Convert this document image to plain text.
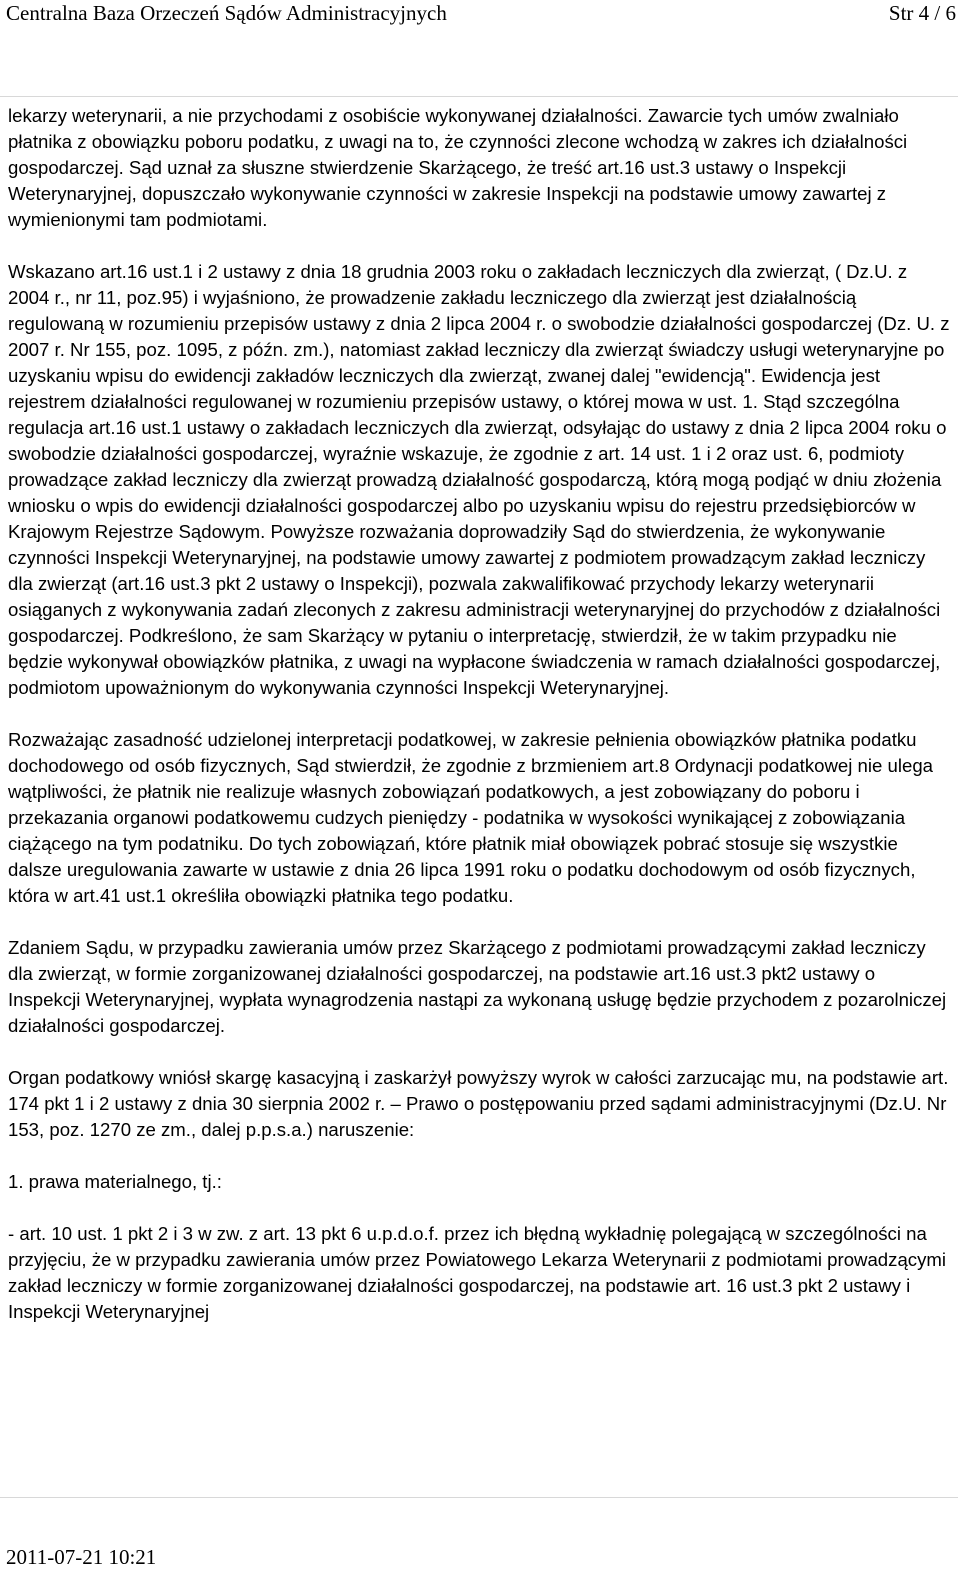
Centralna Baza Orzeczeń Sądów Administracyjnych	Str 4 / 6

lekarzy weterynarii, a nie przychodami z osobiście wykonywanej działalności. Zawarcie tych umów zwalniało płatnika z obowiązku poboru podatku, z uwagi na to, że czynności zlecone wchodzą w zakres ich działalności gospodarczej. Sąd uznał za słuszne stwierdzenie Skarżącego, że treść art.16 ust.3 ustawy o Inspekcji Weterynaryjnej, dopuszczało wykonywanie czynności w zakresie Inspekcji na podstawie umowy zawartej z wymienionymi tam podmiotami.

Wskazano art.16 ust.1 i 2 ustawy z dnia 18 grudnia 2003 roku o zakładach leczniczych dla zwierząt, ( Dz.U. z 2004 r., nr 11, poz.95) i wyjaśniono, że prowadzenie zakładu leczniczego dla zwierząt jest działalnością regulowaną w rozumieniu przepisów ustawy z dnia 2 lipca 2004 r. o swobodzie działalności gospodarczej (Dz. U. z 2007 r. Nr 155, poz. 1095, z późn. zm.), natomiast zakład leczniczy dla zwierząt świadczy usługi weterynaryjne po uzyskaniu wpisu do ewidencji zakładów leczniczych dla zwierząt, zwanej dalej "ewidencją". Ewidencja jest rejestrem działalności regulowanej w rozumieniu przepisów ustawy, o której mowa w ust. 1. Stąd szczególna regulacja art.16 ust.1 ustawy o zakładach leczniczych dla zwierząt, odsyłając do ustawy z dnia 2 lipca 2004 roku o swobodzie działalności gospodarczej, wyraźnie wskazuje, że zgodnie z art. 14 ust. 1 i 2 oraz ust. 6, podmioty prowadzące zakład leczniczy dla zwierząt prowadzą działalność gospodarczą, którą mogą podjąć w dniu złożenia wniosku o wpis do ewidencji działalności gospodarczej albo po uzyskaniu wpisu do rejestru przedsiębiorców w Krajowym Rejestrze Sądowym. Powyższe rozważania doprowadziły Sąd do stwierdzenia, że wykonywanie czynności Inspekcji Weterynaryjnej, na podstawie umowy zawartej z podmiotem prowadzącym zakład leczniczy dla zwierząt (art.16 ust.3 pkt 2 ustawy o Inspekcji), pozwala zakwalifikować przychody lekarzy weterynarii osiąganych z wykonywania zadań zleconych z zakresu administracji weterynaryjnej do przychodów z działalności gospodarczej. Podkreślono, że sam Skarżący w pytaniu o interpretację, stwierdził, że w takim przypadku nie będzie wykonywał obowiązków płatnika, z uwagi na wypłacone świadczenia w ramach działalności gospodarczej, podmiotom upoważnionym do wykonywania czynności Inspekcji Weterynaryjnej.

Rozważając zasadność udzielonej interpretacji podatkowej, w zakresie pełnienia obowiązków płatnika podatku dochodowego od osób fizycznych, Sąd stwierdził, że zgodnie z brzmieniem art.8 Ordynacji podatkowej nie ulega wątpliwości, że płatnik nie realizuje własnych zobowiązań podatkowych, a jest zobowiązany do poboru i przekazania organowi podatkowemu cudzych pieniędzy - podatnika w wysokości wynikającej z zobowiązania ciążącego na tym podatniku. Do tych zobowiązań, które płatnik miał obowiązek pobrać stosuje się wszystkie dalsze uregulowania zawarte w ustawie z dnia 26 lipca 1991 roku o podatku dochodowym od osób fizycznych, która w art.41 ust.1 określiła obowiązki płatnika tego podatku.

Zdaniem Sądu, w przypadku zawierania umów przez Skarżącego z podmiotami prowadzącymi zakład leczniczy dla zwierząt, w formie zorganizowanej działalności gospodarczej, na podstawie art.16 ust.3 pkt2 ustawy o Inspekcji Weterynaryjnej, wypłata wynagrodzenia nastąpi za wykonaną usługę będzie przychodem z pozarolniczej działalności gospodarczej.

Organ podatkowy wniósł skargę kasacyjną i zaskarżył powyższy wyrok w całości zarzucając mu, na podstawie art. 174 pkt 1 i 2 ustawy z dnia 30 sierpnia 2002 r. – Prawo o postępowaniu przed sądami administracyjnymi (Dz.U. Nr 153, poz. 1270 ze zm., dalej p.p.s.a.) naruszenie:

1. prawa materialnego, tj.:

- art. 10 ust. 1 pkt 2 i 3 w zw. z art. 13 pkt 6 u.p.d.o.f. przez ich błędną wykładnię polegającą w szczególności na przyjęciu, że w przypadku zawierania umów przez Powiatowego Lekarza Weterynarii z podmiotami prowadzącymi zakład leczniczy w formie zorganizowanej działalności gospodarczej, na podstawie art. 16 ust.3 pkt 2 ustawy i Inspekcji Weterynaryjnej

2011-07-21 10:21
